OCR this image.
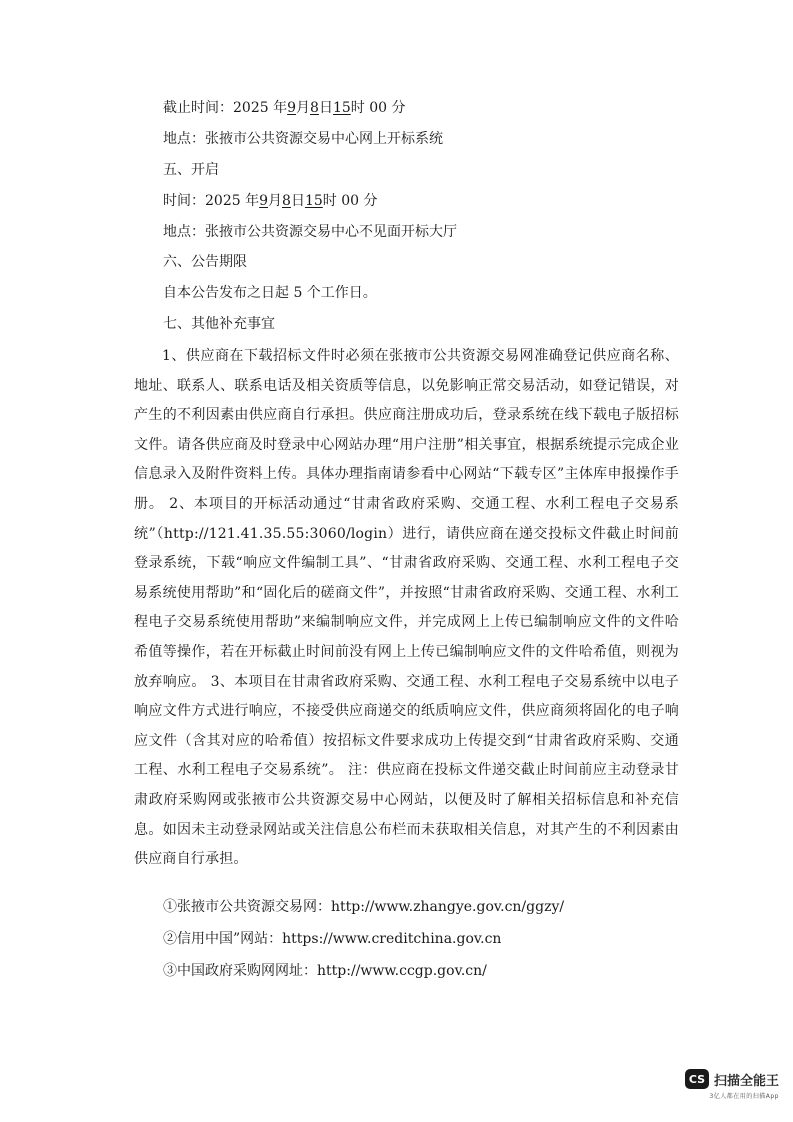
截止时间：2025 年9月8日15时 00 分
地点：张掖市公共资源交易中心网上开标系统
五、开启
时间：2025 年9月8日15时 00 分
地点：张掖市公共资源交易中心不见面开标大厅
六、公告期限
自本公告发布之日起 5 个工作日。
七、其他补充事宜

1、供应商在下载招标文件时必须在张掖市公共资源交易网准确登记供应商名称、地址、联系人、联系电话及相关资质等信息，以免影响正常交易活动，如登记错误，对产生的不利因素由供应商自行承担。供应商注册成功后，登录系统在线下载电子版招标文件。请各供应商及时登录中心网站办理“用户注册”相关事宜，根据系统提示完成企业信息录入及附件资料上传。具体办理指南请参看中心网站“下载专区”主体库申报操作手册。 2、本项目的开标活动通过“甘肃省政府采购、交通工程、水利工程电子交易系统”（http://121.41.35.55:3060/login）进行，请供应商在递交投标文件截止时间前登录系统，下载“响应文件编制工具”、“甘肃省政府采购、交通工程、水利工程电子交易系统使用帮助”和“固化后的磋商文件”，并按照“甘肃省政府采购、交通工程、水利工程电子交易系统使用帮助”来编制响应文件，并完成网上上传已编制响应文件的文件哈希值等操作，若在开标截止时间前没有网上上传已编制响应文件的文件哈希值，则视为放弃响应。 3、本项目在甘肃省政府采购、交通工程、水利工程电子交易系统中以电子响应文件方式进行响应，不接受供应商递交的纸质响应文件，供应商须将固化的电子响应文件（含其对应的哈希值）按招标文件要求成功上传提交到“甘肃省政府采购、交通工程、水利工程电子交易系统”。 注：供应商在投标文件递交截止时间前应主动登录甘肃政府采购网或张掖市公共资源交易中心网站，以便及时了解相关招标信息和补充信息。如因未主动登录网站或关注信息公布栏而未获取相关信息，对其产生的不利因素由供应商自行承担。

①张掖市公共资源交易网：http://www.zhangye.gov.cn/ggzy/
②信用中国”网站：https://www.creditchina.gov.cn
③中国政府采购网网址：http://www.ccgp.gov.cn/
CS 扫描全能王
3亿人都在用的扫描App
